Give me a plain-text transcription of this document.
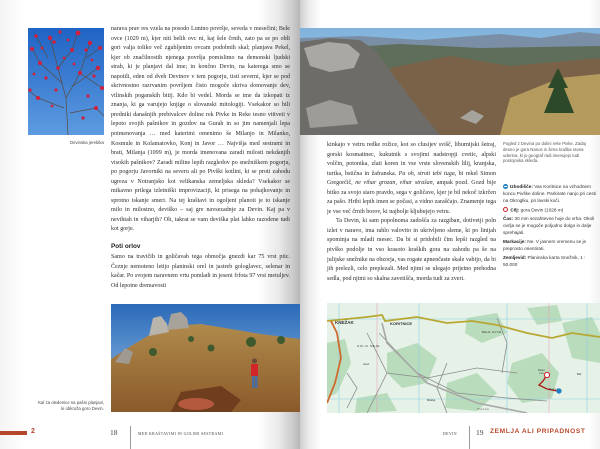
Devinska jerebika

narava prav res vzela na posodo Lunino površje, seveda v mesečini; Bele ovce (1029 m), kjer niti belih ovc ni, kaj šele črnih, zato pa se po obli gori valja toliko več zgubljenim ovcam podobnih skal; planjava Pekel, kjer ob značilnostih njenega površja pomislimo na demonski ljudski strah, ki je planjavi dal ime; in končno Devin, na katerega smo se napotili, eden od dveh Devinov v tem pogorju, tisti severni, kjer se pod skrivnostno razrvanim površjem čisto mogoče skriva domovanje dev, vilinskih poganskih bitij. Kdo bi vedel. Morda se ime da izkopati iz znanja, ki ga varujejo knjige o slovanski mitologiji. Vsekakor so bili predniki današnjih prebivalcev doline rek Pivke in Reke tesno vtitveti v lepoto svojih pašnikov in gozdov na Gurah in so jim namenjali lepa poimenovanja … med katerimi omenimo še Milanjo in Milanko, Kosmule in Kolamatovko, Konj in Javor … Najvišja med sestrami in brati, Milanja (1099 m), je morda imenovana zaradi milosti nekdanjih visokih pašnikov? Zaradi miline lepih razgledov po snežniškem pogorju, po pogorju Javorniki na severu ali po Pivški kotlini, ki se proti zahodu ugreza v Notranjsko kot velikanska zemeljska skleda? Vsekakor se mikavno prilega izletniški improvizaciji, ki prisega na pohajkovanje in sprotno iskanje smeri. Na tej kraštavi in ogoljeni planoti je to iskanje milo in milostno, deviško – saj gre navsezadnje za Devin. Kaj pa v nevihtah in viharjih? Oh, takrat se vam deviška plat lahko razodene tudi kot gorje.

Poti orlov

Samo na travičih in goličavah tega območja gnezdi kar 75 vrst ptic. Čeznje nemoteno letijo planinski orel in jastreb gologlavec, selenar in kačar. Po svojem naravnem vrtu pomladi in jeseni frfota 97 vrst metuljev. Od lepotne dremavosti

Kal za oledenice na pašni planjavi,
ki obkroža goro Devin.
2	18	MED KRAŠTAVIMI IN GOLIMI SESTRAMI

kinkajo v vetru redke rožice, kot so clusijev svišč, liburnijski šetraj, gorski kosmatinec, kukutnik s svojimi nadstropji cvetic, alpski volčin, potonika, zlati koren in vse vrste slovenskih lilij, kranjska, turika, bstična in žafranska. Pa oh, stroti tebi tuga, bi rekel Simon Gregorčič, ne vihar grozan, vihar strašan, ampak pozd. Gozd bije bitko za svojo staro pravdo, sega v goličave, kjer je bil nekoč izkrčen za pašo. Hribi lepih imen se počasi, a vidno zaraščajo. Znamenje tega je vse več črnih borov, ki najbolje kljubujejo vetru.

Ta Devin, ki sam popolnoma zadošča za razgiban, dotivetji poln izlet v naravo, ima rahlo valovito in ukrivljeno sleme, ki po linijah spominja na mladi mesec. Da bi si pridobili čim lepši razgled na pivško podolje in vso krasoto kraških gora na zahodu pa še na julijske snežnike na obzorja, vas rogate apnenčaste skale vabijo, da bi jih prelezli, celo preplezali. Med njimi se ulegajo prijetno prehodna sedla, pod njimi so skalna zavetišča, morda tudi za zveri.

Pogled z Devina po dolini reke Pivke. Zadaj desno je gora Nanos in širna kraška ravna uderina, ki jo geograf radi imenujejo tudi postojnska skleda.
Izhodišče: Vas Koritnice na vzhodnem koncu Pivške doline. Parkirate nanjo pri cesti na Okroglku, pri lavski koči.
Cilj: gora Devin (1028 m)
Čas: 30 min sezahtevne hoje do vrha. Okoli ovrlja se je mogoče poljudno dolgo in dalje sprehajati.
Markacije: Ne. V jasnem vremenu se je preprosto orientirati.
Zemljevid: Planinska karta Snežnik, 1 : 50.000
DEVIN	19 ZEMLJA ALI PRIPADNOST
KNEŽAK	KORITNICE
GOLIC MEJE
Devin
1028
BELE OVCE
Pekel
Milanja
Trnovo
Bač
Javor
